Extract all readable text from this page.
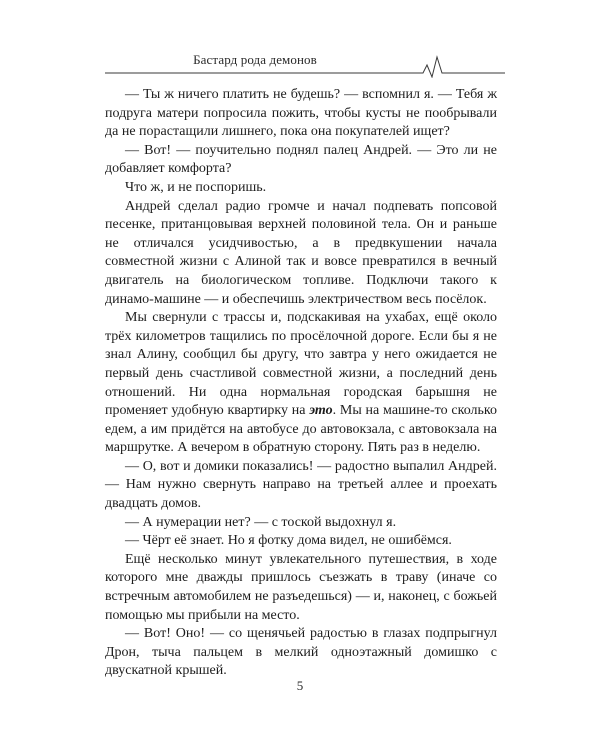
Бастард рода демонов

— Ты ж ничего платить не будешь? — вспомнил я. — Тебя ж подруга матери попросила пожить, чтобы кусты не пообрывали да не порастащили лишнего, пока она покупателей ищет?

— Вот! — поучительно поднял палец Андрей. — Это ли не добавляет комфорта?

Что ж, и не поспоришь.

Андрей сделал радио громче и начал подпевать попсовой песенке, пританцовывая верхней половиной тела. Он и раньше не отличался усидчивостью, а в предвкушении начала совместной жизни с Алиной так и вовсе превратился в вечный двигатель на биологическом топливе. Подключи такого к динамо-машине — и обеспечишь электричеством весь посёлок.

Мы свернули с трассы и, подскакивая на ухабах, ещё около трёх километров тащились по просёлочной дороге. Если бы я не знал Алину, сообщил бы другу, что завтра у него ожидается не первый день счастливой совместной жизни, а последний день отношений. Ни одна нормальная городская барышня не променяет удобную квартирку на это. Мы на машине-то сколько едем, а им придётся на автобусе до автовокзала, с автовокзала на маршрутке. А вечером в обратную сторону. Пять раз в неделю.

— О, вот и домики показались! — радостно выпалил Андрей. — Нам нужно свернуть направо на третьей аллее и проехать двадцать домов.

— А нумерации нет? — с тоской выдохнул я.

— Чёрт её знает. Но я фотку дома видел, не ошибёмся.

Ещё несколько минут увлекательного путешествия, в ходе которого мне дважды пришлось съезжать в траву (иначе со встречным автомобилем не разъедешься) — и, наконец, с божьей помощью мы прибыли на место.

— Вот! Оно! — со щенячьей радостью в глазах подпрыгнул Дрон, тыча пальцем в мелкий одноэтажный домишко с двускатной крышей.

5
